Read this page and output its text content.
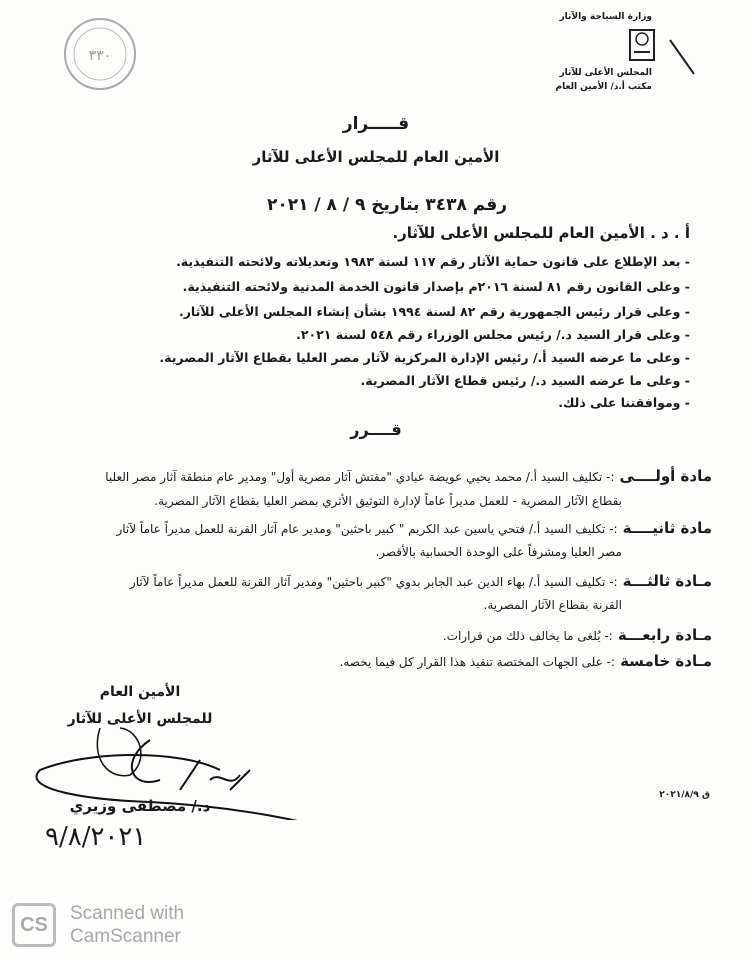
وزارة السياحة والآثار
المجلس الأعلى للآثار
مكتب أ.د/ الأمين العام
٣٣٠
قـــــرار
الأمين العام للمجلس الأعلى للآثار
رقم ٣٤٣٨ بتاريخ ٩ / ٨ / ٢٠٢١
أ . د . الأمين العام للمجلس الأعلى للآثار.
- بعد الإطلاع على قانون حماية الآثار رقم ١١٧ لسنة ١٩٨٣ وتعديلاته ولائحته التنفيذية.
- وعلى القانون رقم ٨١ لسنة ٢٠١٦م بإصدار قانون الخدمة المدنية ولائحته التنفيذية.
- وعلى قرار رئيس الجمهورية رقم ٨٢ لسنة ١٩٩٤ بشأن إنشاء المجلس الأعلى للآثار.
- وعلى قرار السيد د./ رئيس مجلس الوزراء رقم ٥٤٨ لسنة ٢٠٢١.
- وعلى ما عرضه السيد أ./ رئيس الإدارة المركزية لآثار مصر العليا بقطاع الآثار المصرية.
- وعلى ما عرضه السيد د./ رئيس قطاع الآثار المصرية.
- وموافقتنا على ذلك.
قــــرر
مادة أولــــى :- تكليف السيد أ./ محمد يحيي عويضة عبادي "مفتش آثار مصرية أول" ومدير عام منطقة آثار مصر العليا
بقطاع الآثار المصرية - للعمل مديراً عاماً لإدارة التوثيق الأثري بمصر العليا بقطاع الآثار المصرية.
مادة ثانيــــة :- تكليف السيد أ./ فتحي ياسين عبد الكريم " كبير باحثين" ومدير عام آثار القرنة للعمل مديراً عاماً لآثار
مصر العليا ومشرفاً على الوحدة الحسابية بالأقصر.
مـادة ثالثـــة :- تكليف السيد أ./ بهاء الدين عبد الجابر بدوي "كبير باحثين" ومدير آثار القرنة للعمل مديراً عاماً لآثار
القرنة بقطاع الآثار المصرية.
مـادة رابعـــة :- يُلغى ما يخالف ذلك من قرارات.
مـادة خامسة :- على الجهات المختصة تنفيذ هذا القرار كل فيما يخصه.
ق ٢٠٢١/٨/٩
الأمين العام
للمجلس الأعلى للآثار
د./ مصطفى وزيري
٩/٨/٢٠٢١
CS	Scanned with
CamScanner
